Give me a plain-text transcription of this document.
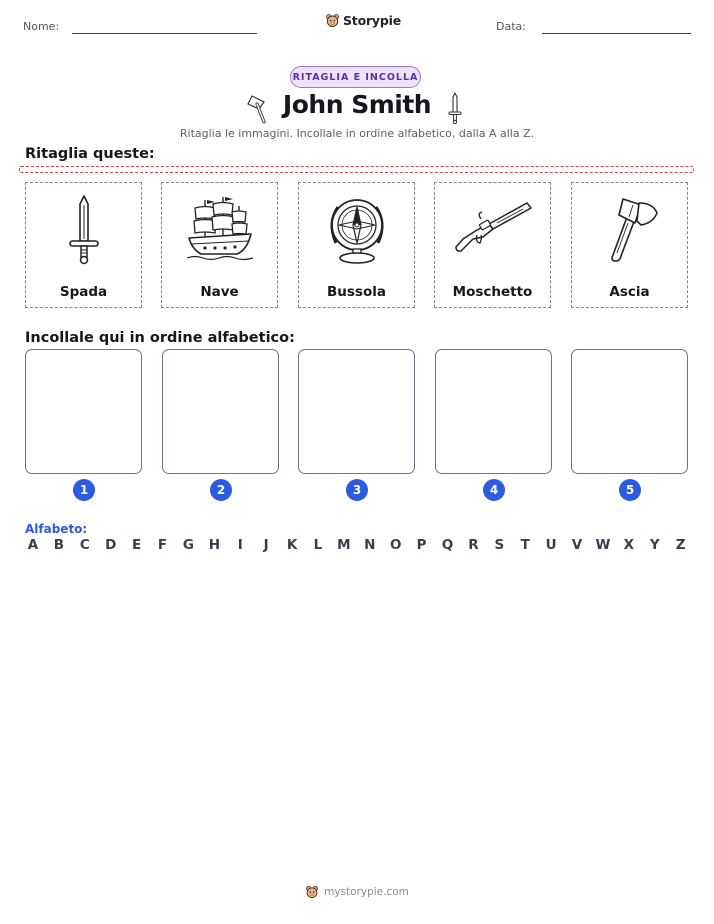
Nome:	Storypie	Data:
RITAGLIA E INCOLLA
John Smith
Ritaglia le immagini. Incollale in ordine alfabetico, dalla A alla Z.
Ritaglia queste:
Spada	Nave	Bussola	Moschetto	Ascia
Incollale qui in ordine alfabetico:
1	2	3	4	5
Alfabeto:
A B C D E F G H	I	J	K L M N O P Q R S T U V W X Y Z
mystorypie.com
